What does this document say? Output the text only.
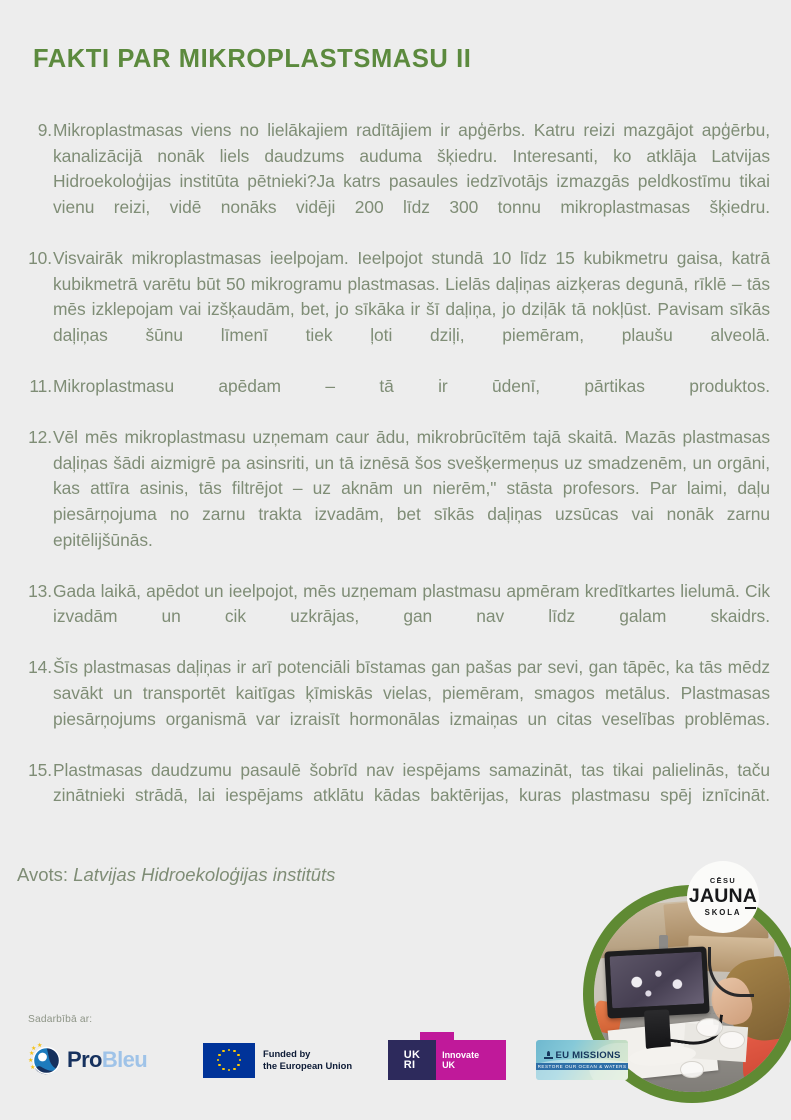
FAKTI PAR MIKROPLASTSMASU II
9. Mikroplastmasas viens no lielākajiem radītājiem ir apģērbs. Katru reizi mazgājot apģērbu, kanalizācijā nonāk liels daudzums auduma šķiedru. Interesanti, ko atklāja Latvijas Hidroekoloģijas institūta pētnieki?Ja katrs pasaules iedzīvotājs izmazgās peldkostīmu tikai vienu reizi, vidē nonāks vidēji 200 līdz 300 tonnu mikroplastmasas šķiedru.
10. Visvairāk mikroplastmasas ieelpojam. Ieelpojot stundā 10 līdz 15 kubikmetru gaisa, katrā kubikmetrā varētu būt 50 mikrogramu plastmasas. Lielās daļiņas aizķeras degunā, rīklē – tās mēs izklepojam vai izšķaudām, bet, jo sīkāka ir šī daļiņa, jo dziļāk tā nokļūst. Pavisam sīkās daļiņas šūnu līmenī tiek ļoti dziļi, piemēram, plaušu alveolā.
11. Mikroplastmasu apēdam – tā ir ūdenī, pārtikas produktos.
12. Vēl mēs mikroplastmasu uzņemam caur ādu, mikrobrūcītēm tajā skaitā. Mazās plastmasas daļiņas šādi aizmigrē pa asinsriti, un tā iznēsā šos svešķermeņus uz smadzenēm, un orgāni, kas attīra asinis, tās filtrējot – uz aknām un nierēm," stāsta profesors. Par laimi, daļu piesārņojuma no zarnu trakta izvadām, bet sīkās daļiņas uzsūcas vai nonāk zarnu epitēlijšūnās.
13. Gada laikā, apēdot un ieelpojot, mēs uzņemam plastmasu apmēram kredītkartes lielumā. Cik izvadām un cik uzkrājas, gan nav līdz galam skaidrs.
14. Šīs plastmasas daļiņas ir arī potenciāli bīstamas gan pašas par sevi, gan tāpēc, ka tās mēdz savākt un transportēt kaitīgas ķīmiskās vielas, piemēram, smagos metālus. Plastmasas piesārņojums organismā var izraisīt hormonālas izmaiņas un citas veselības problēmas.
15. Plastmasas daudzumu pasaulē šobrīd nav iespējams samazināt, tas tikai palielinās, taču zinātnieki strādā, lai iespējams atklātu kādas baktērijas, kuras plastmasu spēj iznīcināt.
Avots: Latvijas Hidroekoloģijas institūts	CĒSU
JAUNA
SKOLA
Sadarbībā ar:
★
★ ★
★
★ ProBleu	Funded by
the European Union
UK
RI
Innovate
UK
EU MISSIONS
RESTORE OUR OCEAN & WATERS
